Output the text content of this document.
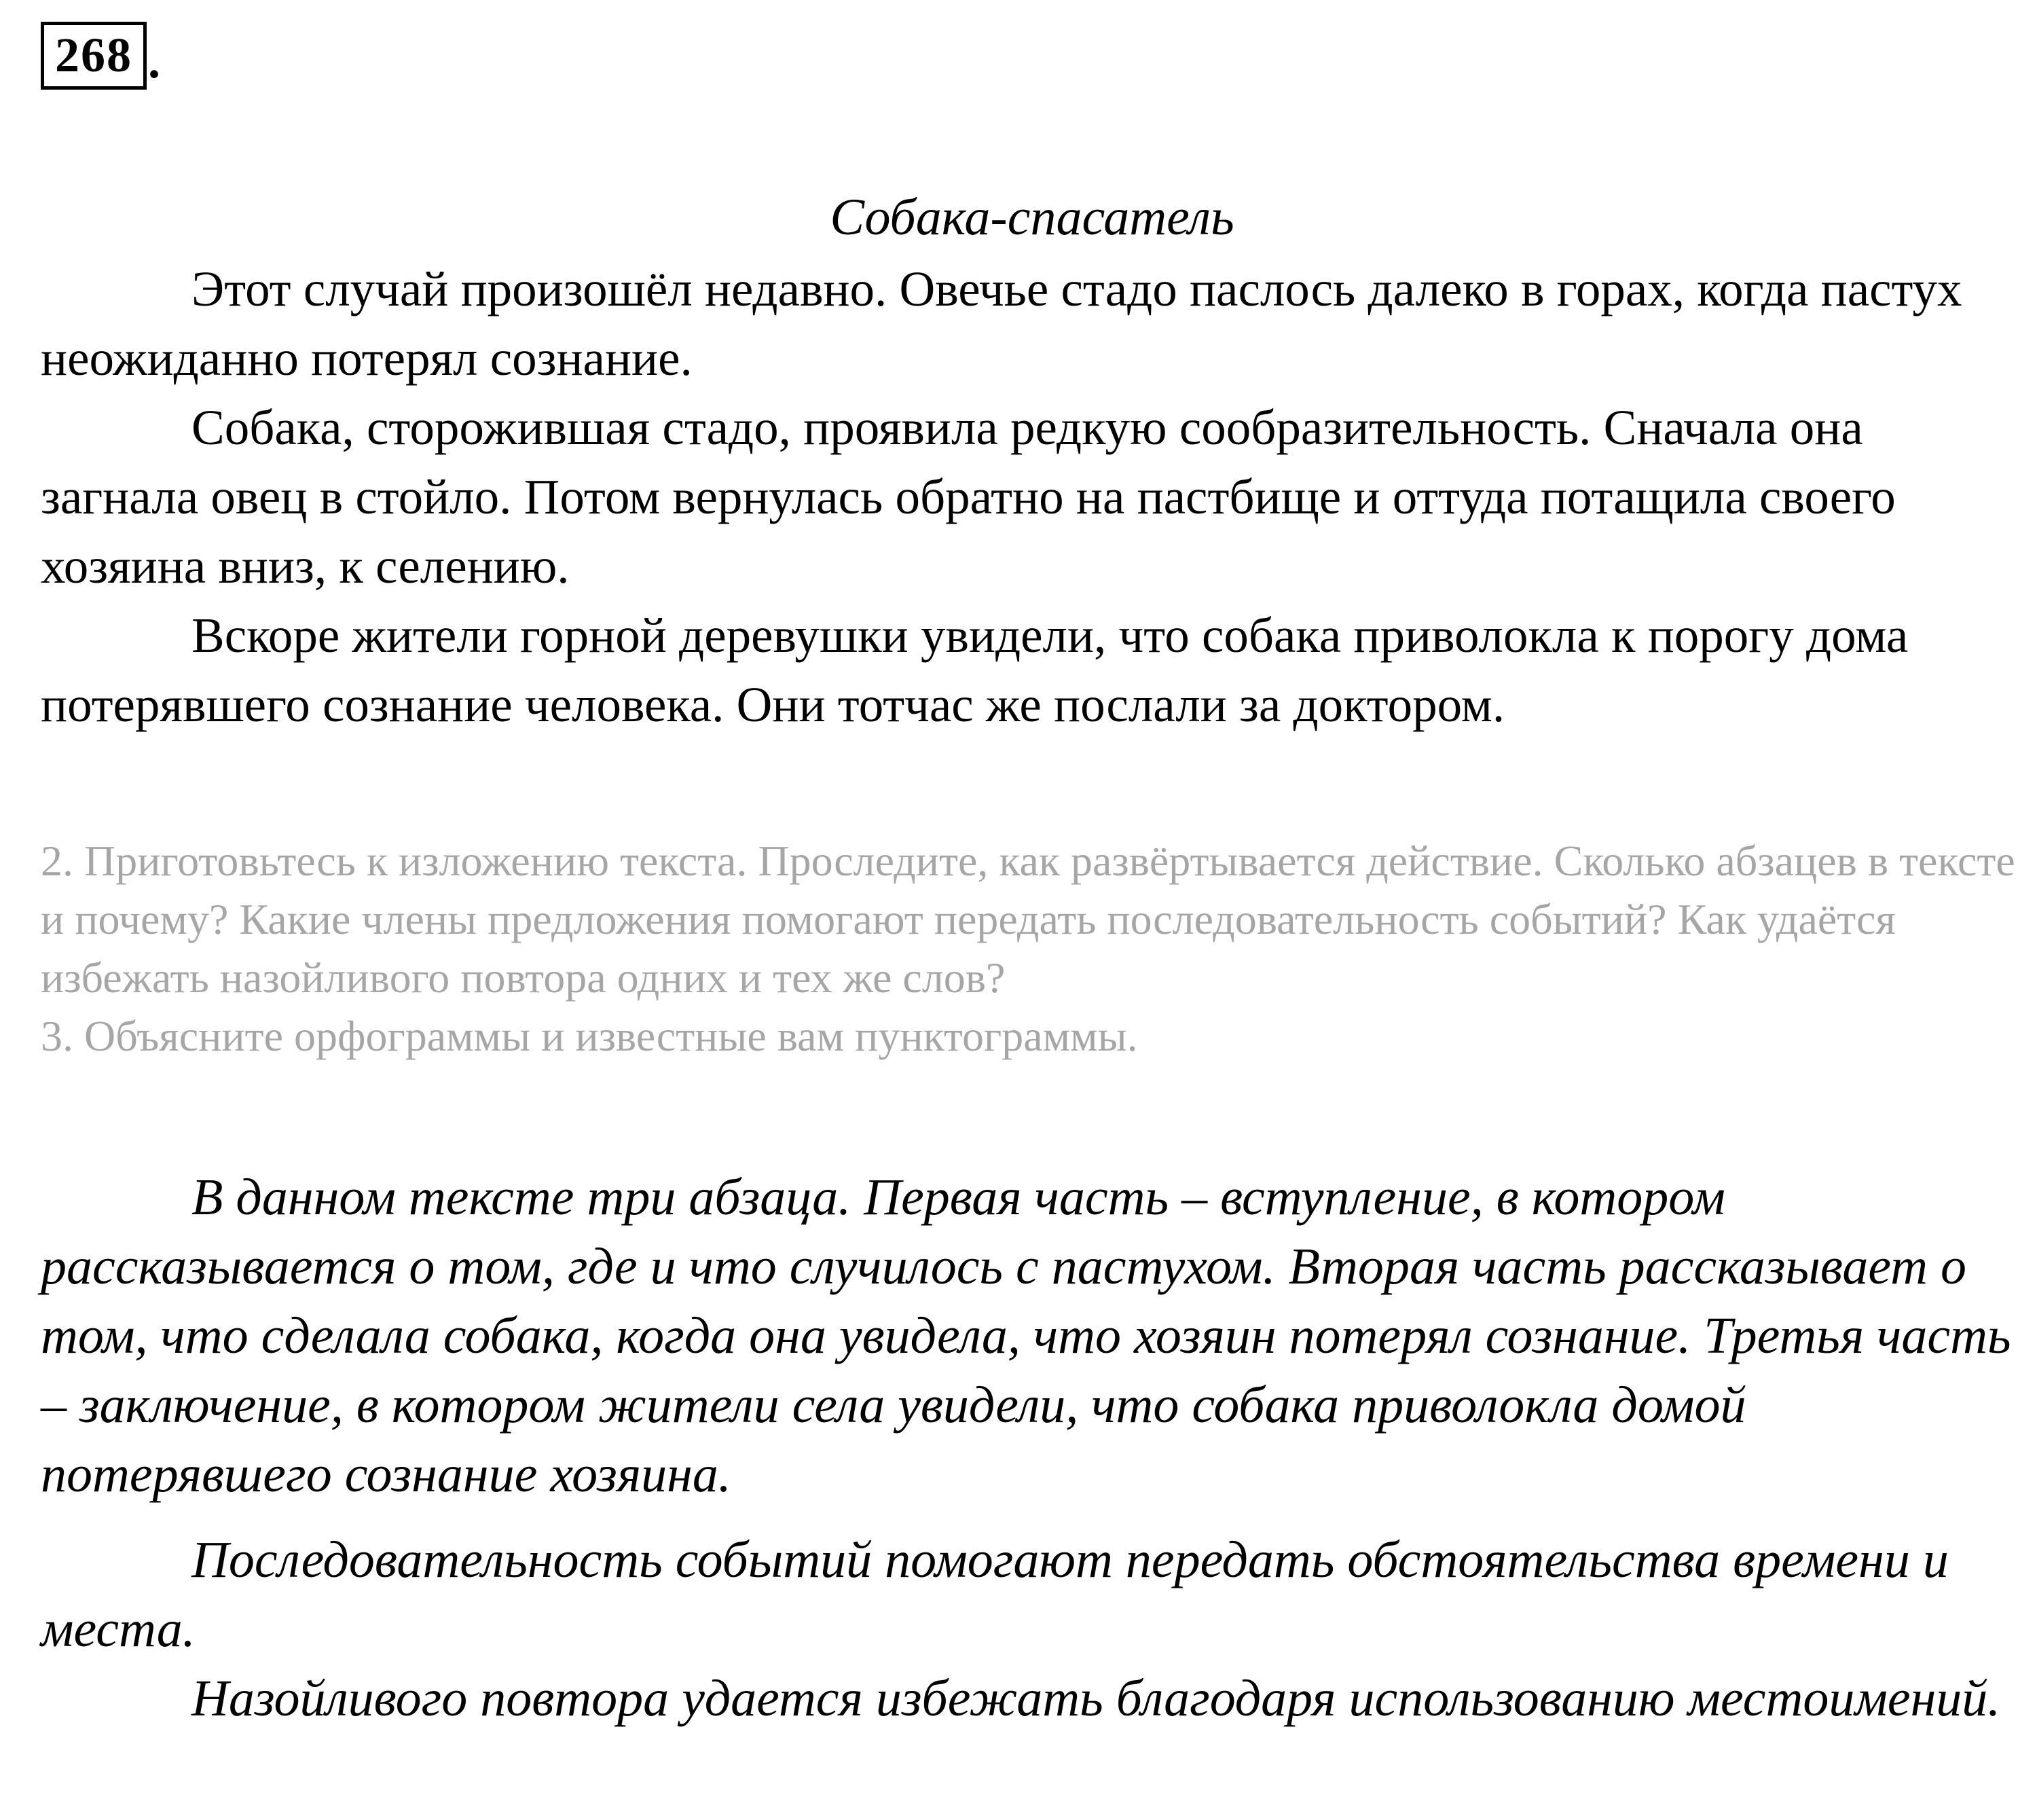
268 .
Собака-спасатель

Этот случай произошёл недавно. Овечье стадо паслось далеко в горах, когда пастух неожиданно потерял сознание.

Собака, сторожившая стадо, проявила редкую сообразительность. Сначала она загнала овец в стойло. Потом вернулась обратно на пастбище и оттуда потащила своего хозяина вниз, к селению.

Вскоре жители горной деревушки увидели, что собака приволокла к порогу дома потерявшего сознание человека. Они тотчас же послали за доктором.

2. Приготовьтесь к изложению текста. Проследите, как развёртывается действие. Сколько абзацев в тексте и почему? Какие члены предложения помогают передать последовательность событий? Как удаётся избежать назойливого повтора одних и тех же слов?

3. Объясните орфограммы и известные вам пунктограммы.

В данном тексте три абзаца. Первая часть – вступление, в котором рассказывается о том, где и что случилось с пастухом. Вторая часть рассказывает о том, что сделала собака, когда она увидела, что хозяин потерял сознание. Третья часть – заключение, в котором жители села увидели, что собака приволокла домой потерявшего сознание хозяина.

Последовательность событий помогают передать обстоятельства времени и места.

Назойливого повтора удается избежать благодаря использованию местоимений.
